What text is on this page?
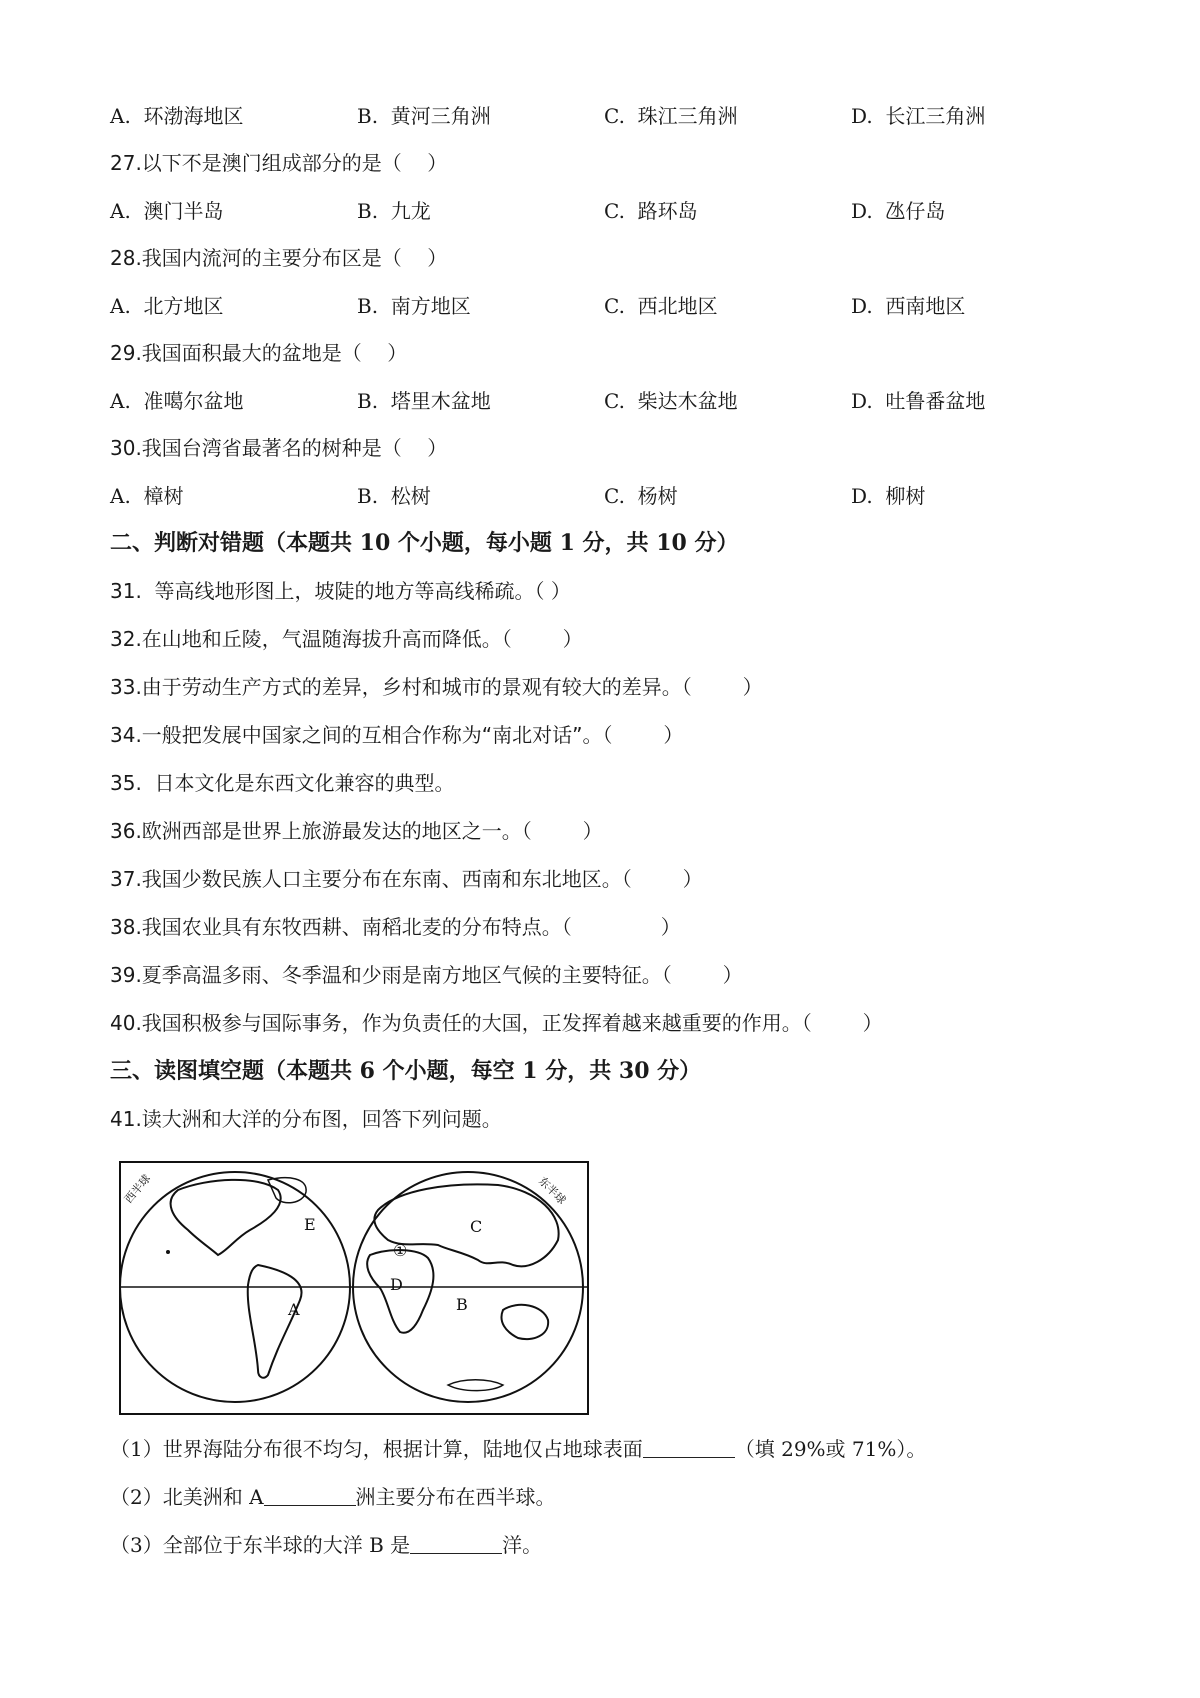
A.  环渤海地区	B.  黄河三角洲	C.  珠江三角洲	D.  长江三角洲
27.以下不是澳门组成部分的是（    ）
A.  澳门半岛	B.  九龙	C.  路环岛	D.  氹仔岛
28.我国内流河的主要分布区是（    ）
A.  北方地区	B.  南方地区	C.  西北地区	D.  西南地区
29.我国面积最大的盆地是（    ）
A.  准噶尔盆地	B.  塔里木盆地	C.  柴达木盆地	D.  吐鲁番盆地
30.我国台湾省最著名的树种是（    ）
A.  樟树	B.  松树	C.  杨树	D.  柳树
二、判断对错题（本题共 10 个小题，每小题 1 分，共 10 分）
31.  等高线地形图上，坡陡的地方等高线稀疏。（ ）
32.在山地和丘陵，气温随海拔升高而降低。（        ）
33.由于劳动生产方式的差异，乡村和城市的景观有较大的差异。（        ）
34.一般把发展中国家之间的互相合作称为“南北对话”。（        ）
35.  日本文化是东西文化兼容的典型。
36.欧洲西部是世界上旅游最发达的地区之一。（        ）
37.我国少数民族人口主要分布在东南、西南和东北地区。（        ）
38.我国农业具有东牧西耕、南稻北麦的分布特点。（              ）
39.夏季高温多雨、冬季温和少雨是南方地区气候的主要特征。（        ）
40.我国积极参与国际事务，作为负责任的大国，正发挥着越来越重要的作用。（        ）
三、读图填空题（本题共 6 个小题，每空 1 分，共 30 分）
41.读大洲和大洋的分布图，回答下列问题。
西半球	东半球
E
A
C
D
B
①
（1）世界海陆分布很不均匀，根据计算，陆地仅占地球表面	（填 29%或 71%）。
（2）北美洲和 A	洲主要分布在西半球。
（3）全部位于东半球的大洋 B 是	洋。
